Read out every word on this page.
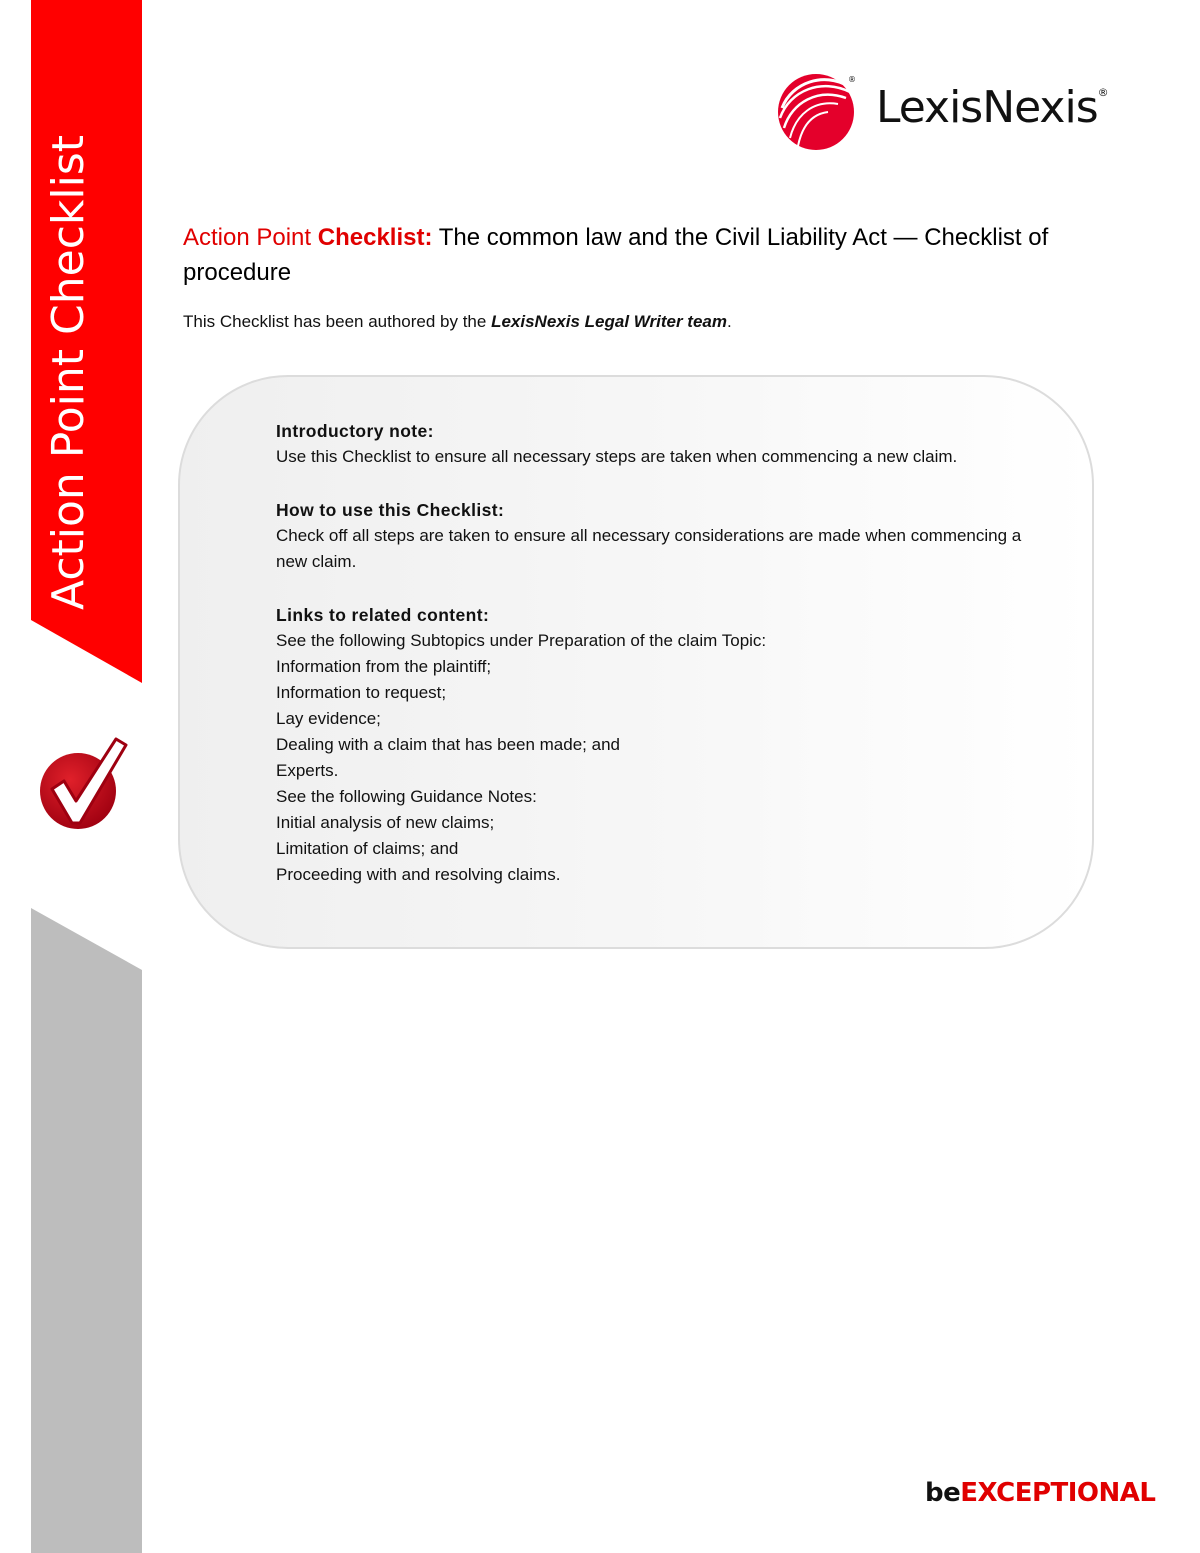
Action Point Checklist
®
LexisNexis®
Action Point Checklist: The common law and the Civil Liability Act — Checklist of procedure
This Checklist has been authored by the LexisNexis Legal Writer team.
Introductory note:

Use this Checklist to ensure all necessary steps are taken when commencing a new claim.

How to use this Checklist:

Check off all steps are taken to ensure all necessary considerations are made when commencing a new claim.

Links to related content:

See the following Subtopics under Preparation of the claim Topic:

Information from the plaintiff;

Information to request;

Lay evidence;

Dealing with a claim that has been made; and

Experts.

See the following Guidance Notes:

Initial analysis of new claims;

Limitation of claims; and

Proceeding with and resolving claims.

beEXCEPTIONAL
